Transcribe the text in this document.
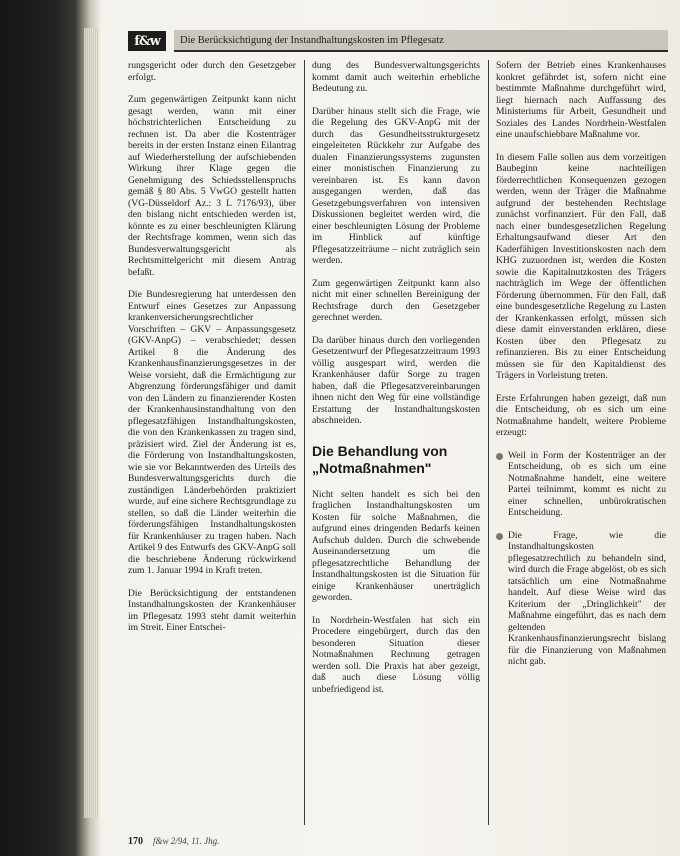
f&w	Die Berücksichtigung der Instandhaltungskosten im Pflegesatz

rungsgericht oder durch den Gesetzgeber erfolgt.

Zum gegenwärtigen Zeitpunkt kann nicht gesagt werden, wann mit einer höchstrichterlichen Entscheidung zu rechnen ist. Da aber die Kostenträger bereits in der ersten Instanz einen Eilantrag auf Wiederherstellung der aufschiebenden Wirkung ihrer Klage gegen die Genehmigung des Schiedsstellenspruchs gemäß § 80 Abs. 5 VwGO gestellt hatten (VG-Düsseldorf Az.: 3 L 7176/93), über den bislang nicht entschieden werden ist, könnte es zu einer beschleunigten Klärung der Rechtsfrage kommen, wenn sich das Bundesverwaltungsgericht als Rechtsmittelgericht mit diesem Antrag befaßt.

Die Bundesregierung hat unterdessen den Entwurf eines Gesetzes zur Anpassung krankenversicherungsrechtlicher Vorschriften – GKV – Anpassungsgesetz (GKV-AnpG) – verabschiedet; dessen Artikel 8 die Änderung des Krankenhausfinanzierungsgesetzes in der Weise vorsieht, daß die Ermächtigung zur Abgrenzung förderungsfähiger und damit von den Ländern zu finanzierender Kosten der Krankenhausinstandhaltung von den pflegesatzfähigen Instandhaltungskosten, die von den Krankenkassen zu tragen sind, präzisiert wird. Ziel der Änderung ist es, die Förderung von Instandhaltungskosten, wie sie vor Bekanntwerden des Urteils des Bundesverwaltungsgerichts durch die zuständigen Länderbehörden praktiziert wurde, auf eine sichere Rechtsgrundlage zu stellen, so daß die Länder weiterhin die förderungsfähigen Instandhaltungskosten für Krankenhäuser zu tragen haben. Nach Artikel 9 des Entwurfs des GKV-AnpG soll die beschriebene Änderung rückwirkend zum 1. Januar 1994 in Kraft treten.

Die Berücksichtigung der entstandenen Instandhaltungskosten der Krankenhäuser im Pflegesatz 1993 steht damit weiterhin im Streit. Einer Entschei-

dung des Bundesverwaltungsgerichts kommt damit auch weiterhin erhebliche Bedeutung zu.

Darüber hinaus stellt sich die Frage, wie die Regelung des GKV-AnpG mit der durch das Gesundheitsstrukturgesetz eingeleiteten Rückkehr zur Aufgabe des dualen Finanzierungssystems zugunsten einer monistischen Finanzierung zu vereinbaren ist. Es kann davon ausgegangen werden, daß das Gesetzgebungsverfahren von intensiven Diskussionen begleitet werden wird, die einer beschleunigten Lösung der Probleme im Hinblick auf künftige Pflegesatzzeiträume – nicht zuträglich sein werden.

Zum gegenwärtigen Zeitpunkt kann also nicht mit einer schnellen Bereinigung der Rechtsfrage durch den Gesetzgeber gerechnet werden.

Da darüber hinaus durch den vorliegenden Gesetzentwurf der Pflegesatzzeitraum 1993 völlig ausgespart wird, werden die Krankenhäuser dafür Sorge zu tragen haben, daß die Pflegesatzvereinbarungen ihnen nicht den Weg für eine vollständige Erstattung der Instandhaltungskosten abschneiden.

Die Behandlung von „Notmaßnahmen"

Nicht selten handelt es sich bei den fraglichen Instandhaltungskosten um Kosten für solche Maßnahmen, die aufgrund eines dringenden Bedarfs keinen Aufschub dulden. Durch die schwebende Auseinandersetzung um die pflegesatzrechtliche Behandlung der Instandhaltungskosten ist die Situation für einige Krankenhäuser unerträglich geworden.

In Nordrhein-Westfalen hat sich ein Procedere eingebürgert, durch das den besonderen Situation dieser Notmaßnahmen Rechnung getragen werden soll. Die Praxis hat aber gezeigt, daß auch diese Lösung völlig unbefriedigend ist.

Sofern der Betrieb eines Krankenhauses konkret gefährdet ist, sofern nicht eine bestimmte Maßnahme durchgeführt wird, liegt hiernach nach Auffassung des Ministeriums für Arbeit, Gesundheit und Soziales des Landes Nordrhein-Westfalen eine unaufschiebbare Maßnahme vor.

In diesem Falle sollen aus dem vorzeitigen Baubeginn keine nachteiligen förderrechtlichen Konsequenzen gezogen werden, wenn der Träger die Maßnahme aufgrund der bestehenden Rechtslage zunächst vorfinanziert. Für den Fall, daß nach einer bundesgesetzlichen Regelung Erhaltungsaufwand dieser Art den Kaderfähigen Investitionskosten nach dem KHG zuzuordnen ist, werden die Kosten sowie die Kapitalnutzkosten des Trägers nachträglich im Wege der öffentlichen Förderung übernommen. Für den Fall, daß eine bundesgesetzliche Regelung zu Lasten der Krankenkassen erfolgt, müssen sich diese damit einverstanden erklären, diese Kosten über den Pflegesatz zu refinanzieren. Bis zu einer Entscheidung müssen sie für den Kapitaldienst des Trägers in Vorleistung treten.

Erste Erfahrungen haben gezeigt, daß nun die Entscheidung, ob es sich um eine Notmaßnahme handelt, weitere Probleme erzeugt:

Weil in Form der Kostenträger an der Entscheidung, ob es sich um eine Notmaßnahme handelt, eine weitere Partei teilnimmt, kommt es nicht zu einer schnellen, unbürokratischen Entscheidung.
Die Frage, wie die Instandhaltungskosten pflegesatzrechtlich zu behandeln sind, wird durch die Frage abgelöst, ob es sich tatsächlich um eine Notmaßnahme handelt. Auf diese Weise wird das Kriterium der „Dringlichkeit" der Maßnahme eingeführt, das es nach dem geltenden Krankenhausfinanzierungsrecht bislang für die Finanzierung von Maßnahmen nicht gab.
170 f&w 2/94, 11. Jhg.
